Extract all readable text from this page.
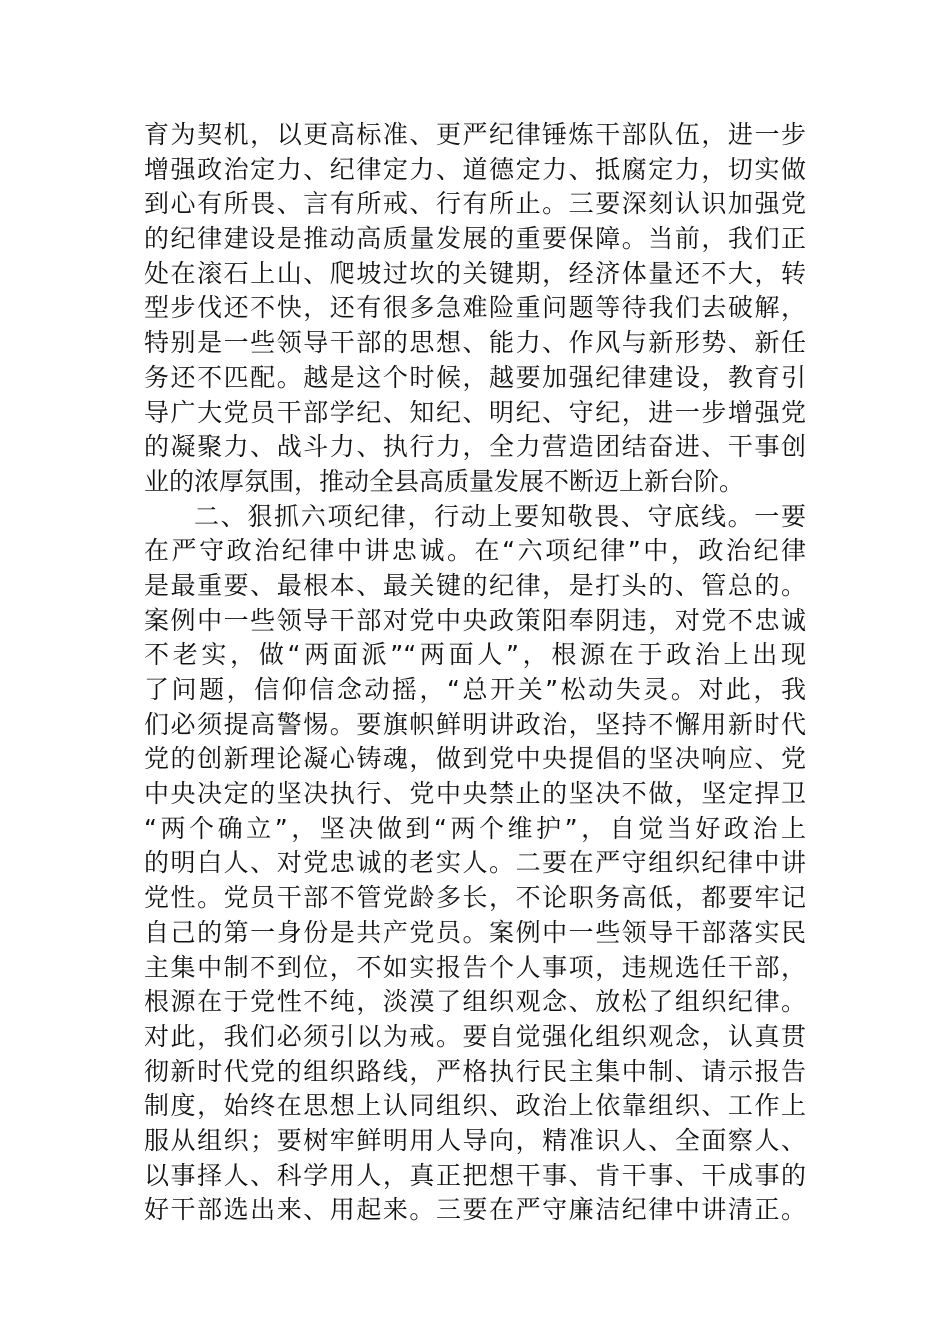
育为契机，以更高标准、更严纪律锤炼干部队伍，进一步
增强政治定力、纪律定力、道德定力、抵腐定力，切实做
到心有所畏、言有所戒、行有所止。三要深刻认识加强党
的纪律建设是推动高质量发展的重要保障。当前，我们正
处在滚石上山、爬坡过坎的关键期，经济体量还不大，转
型步伐还不快，还有很多急难险重问题等待我们去破解，
特别是一些领导干部的思想、能力、作风与新形势、新任
务还不匹配。越是这个时候，越要加强纪律建设，教育引
导广大党员干部学纪、知纪、明纪、守纪，进一步增强党
的凝聚力、战斗力、执行力，全力营造团结奋进、干事创
业的浓厚氛围，推动全县高质量发展不断迈上新台阶。
二、狠抓六项纪律，行动上要知敬畏、守底线。一要
在严守政治纪律中讲忠诚。在“六项纪律”中，政治纪律
是最重要、最根本、最关键的纪律，是打头的、管总的。
案例中一些领导干部对党中央政策阳奉阴违，对党不忠诚
不老实，做“两面派”“两面人”，根源在于政治上出现
了问题，信仰信念动摇，“总开关”松动失灵。对此，我
们必须提高警惕。要旗帜鲜明讲政治，坚持不懈用新时代
党的创新理论凝心铸魂，做到党中央提倡的坚决响应、党
中央决定的坚决执行、党中央禁止的坚决不做，坚定捍卫
“两个确立”，坚决做到“两个维护”，自觉当好政治上
的明白人、对党忠诚的老实人。二要在严守组织纪律中讲
党性。党员干部不管党龄多长，不论职务高低，都要牢记
自己的第一身份是共产党员。案例中一些领导干部落实民
主集中制不到位，不如实报告个人事项，违规选任干部，
根源在于党性不纯，淡漠了组织观念、放松了组织纪律。
对此，我们必须引以为戒。要自觉强化组织观念，认真贯
彻新时代党的组织路线，严格执行民主集中制、请示报告
制度，始终在思想上认同组织、政治上依靠组织、工作上
服从组织；要树牢鲜明用人导向，精准识人、全面察人、
以事择人、科学用人，真正把想干事、肯干事、干成事的
好干部选出来、用起来。三要在严守廉洁纪律中讲清正。
